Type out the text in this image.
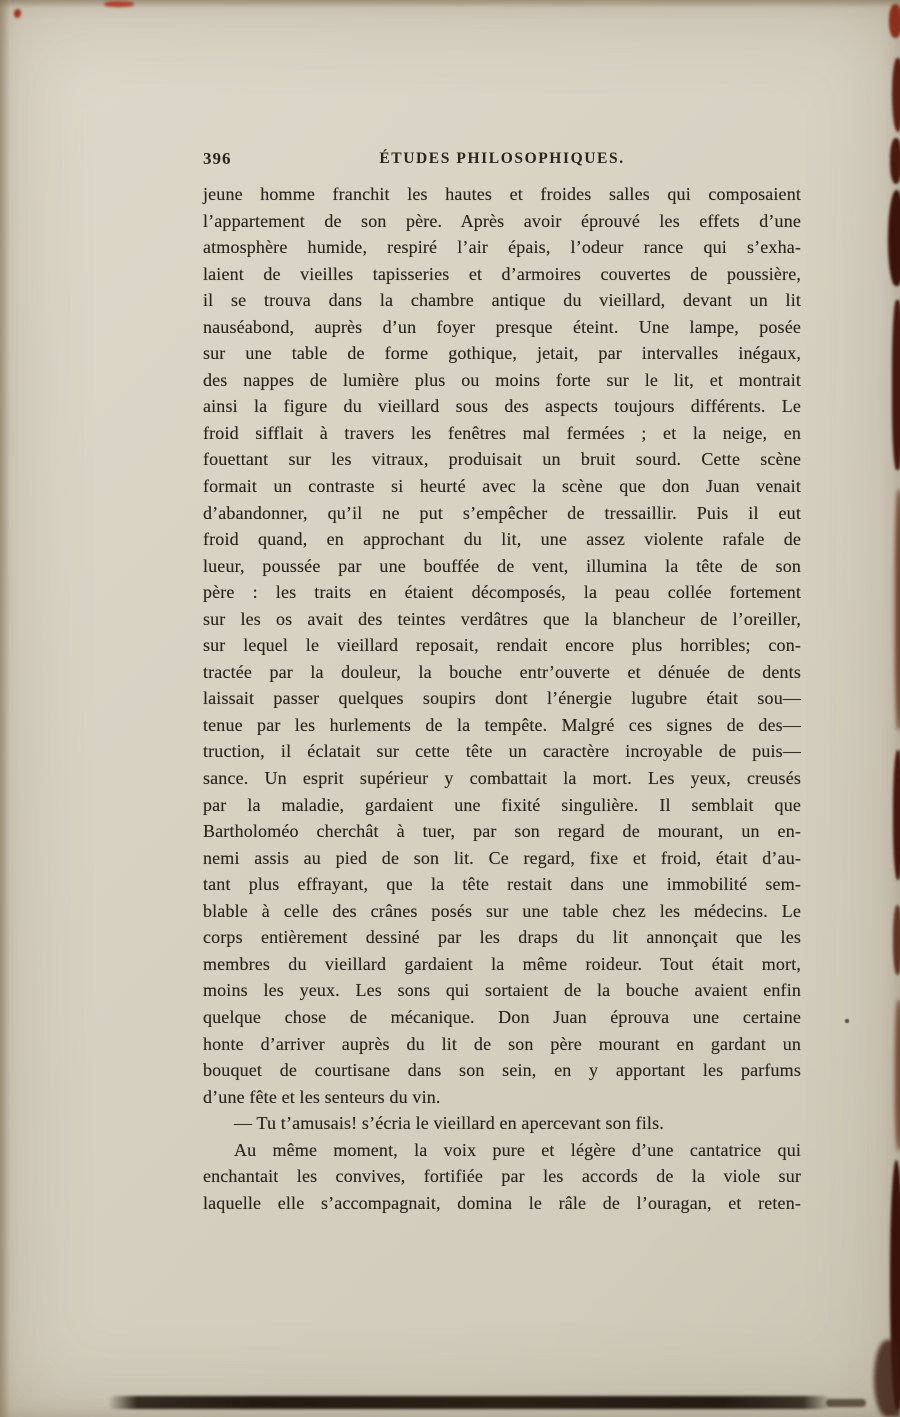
396	ÉTUDES PHILOSOPHIQUES.
jeune homme franchit les hautes et froides salles qui composaient
l’appartement de son père. Après avoir éprouvé les effets d’une
atmosphère humide, respiré l’air épais, l’odeur rance qui s’exha-
laient de vieilles tapisseries et d’armoires couvertes de poussière,
il se trouva dans la chambre antique du vieillard, devant un lit
nauséabond, auprès d’un foyer presque éteint. Une lampe, posée
sur une table de forme gothique, jetait, par intervalles inégaux,
des nappes de lumière plus ou moins forte sur le lit, et montrait
ainsi la figure du vieillard sous des aspects toujours différents. Le
froid sifflait à travers les fenêtres mal fermées ; et la neige, en
fouettant sur les vitraux, produisait un bruit sourd. Cette scène
formait un contraste si heurté avec la scène que don Juan venait
d’abandonner, qu’il ne put s’empêcher de tressaillir. Puis il eut
froid quand, en approchant du lit, une assez violente rafale de
lueur, poussée par une bouffée de vent, illumina la tête de son
père : les traits en étaient décomposés, la peau collée fortement
sur les os avait des teintes verdâtres que la blancheur de l’oreiller,
sur lequel le vieillard reposait, rendait encore plus horribles; con-
tractée par la douleur, la bouche entr’ouverte et dénuée de dents
laissait passer quelques soupirs dont l’énergie lugubre était sou—
tenue par les hurlements de la tempête. Malgré ces signes de des—
truction, il éclatait sur cette tête un caractère incroyable de puis—
sance. Un esprit supérieur y combattait la mort. Les yeux, creusés
par la maladie, gardaient une fixité singulière. Il semblait que
Bartholoméo cherchât à tuer, par son regard de mourant, un en-
nemi assis au pied de son lit. Ce regard, fixe et froid, était d’au-
tant plus effrayant, que la tête restait dans une immobilité sem-
blable à celle des crânes posés sur une table chez les médecins. Le
corps entièrement dessiné par les draps du lit annonçait que les
membres du vieillard gardaient la même roideur. Tout était mort,
moins les yeux. Les sons qui sortaient de la bouche avaient enfin
quelque chose de mécanique. Don Juan éprouva une certaine
honte d’arriver auprès du lit de son père mourant en gardant un
bouquet de courtisane dans son sein, en y apportant les parfums
d’une fête et les senteurs du vin.
— Tu t’amusais! s’écria le vieillard en apercevant son fils.
Au même moment, la voix pure et légère d’une cantatrice qui
enchantait les convives, fortifiée par les accords de la viole sur
laquelle elle s’accompagnait, domina le râle de l’ouragan, et reten-
